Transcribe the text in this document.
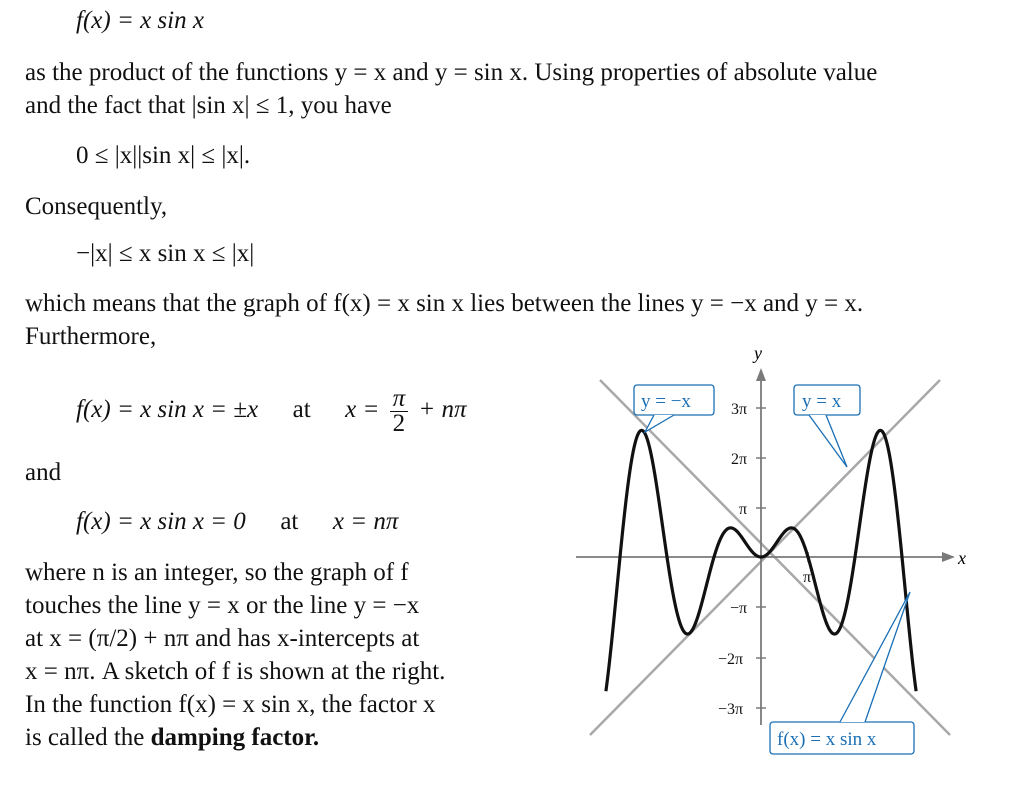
f(x) = x sin x
as the product of the functions y = x and y = sin x. Using properties of absolute value
and the fact that |sin x| ≤ 1, you have
0 ≤ |x||sin x| ≤ |x|.
Consequently,
−|x| ≤ x sin x ≤ |x|
which means that the graph of f(x) = x sin x lies between the lines y = −x and y = x.
Furthermore,
f(x) = x sin x = ±x at $x = \frac{\pi}{2} + n\pi$
and
f(x) = x sin x = 0 at x = nπ
where n is an integer, so the graph of f
touches the line y = x or the line y = −x
at x = (π/2) + nπ and has x-intercepts at
x = nπ. A sketch of f is shown at the right.
In the function f(x) = x sin x, the factor x
is called the damping factor.
x
y
3π
2π
π
−π
−2π
−3π
π
y = −x	y = x
f(x) = x sin x
